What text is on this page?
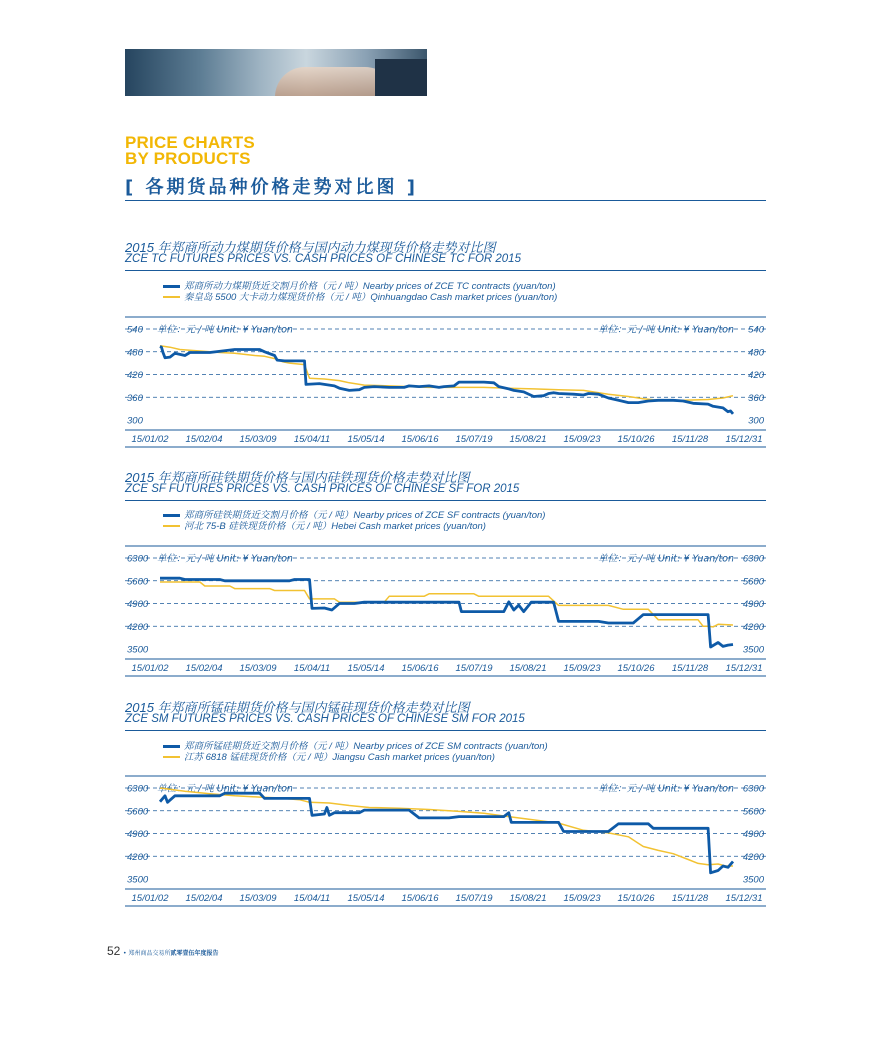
PRICE CHARTS
BY PRODUCTS
[ 各期货品种价格走势对比图 ]
2015 年郑商所动力煤期货价格与国内动力煤现货价格走势对比图
ZCE TC FUTURES PRICES VS. CASH PRICES OF CHINESE TC FOR 2015
郑商所动力煤期货近交割月价格（元 / 吨）Nearby prices of ZCE TC contracts (yuan/ton)
秦皇岛 5500 大卡动力煤现货价格（元 / 吨）Qinhuangdao Cash market prices (yuan/ton)
540	540
480	480
420	420
360	360
300	300
单位：元 / 吨 Unit: ¥ Yuan/ton	单位：元 / 吨 Unit: ¥ Yuan/ton
15/01/02 15/02/04 15/03/09 15/04/11 15/05/14 15/06/16 15/07/19 15/08/21 15/09/23 15/10/26 15/11/28 15/12/31
2015 年郑商所硅铁期货价格与国内硅铁现货价格走势对比图
ZCE SF FUTURES PRICES VS. CASH PRICES OF CHINESE SF FOR 2015
郑商所硅铁期货近交割月价格（元 / 吨）Nearby prices of ZCE SF contracts (yuan/ton)
河北 75-B 硅铁现货价格（元 / 吨）Hebei Cash market prices (yuan/ton)
6300	6300
5600	5600
4900	4900
4200	4200
3500	3500
单位：元 / 吨 Unit: ¥ Yuan/ton	单位：元 / 吨 Unit: ¥ Yuan/ton
15/01/02 15/02/04 15/03/09 15/04/11 15/05/14 15/06/16 15/07/19 15/08/21 15/09/23 15/10/26 15/11/28 15/12/31
2015 年郑商所锰硅期货价格与国内锰硅现货价格走势对比图
ZCE SM FUTURES PRICES VS. CASH PRICES OF CHINESE SM FOR 2015
郑商所锰硅期货近交割月价格（元 / 吨）Nearby prices of ZCE SM contracts (yuan/ton)
江苏 6818 锰硅现货价格（元 / 吨）Jiangsu Cash market prices (yuan/ton)
6300	6300
5600	5600
4900	4900
4200	4200
3500	3500
单位：元 / 吨 Unit: ¥ Yuan/ton	单位：元 / 吨 Unit: ¥ Yuan/ton
15/01/02 15/02/04 15/03/09 15/04/11 15/05/14 15/06/16 15/07/19 15/08/21 15/09/23 15/10/26 15/11/28 15/12/31
52 • 郑州商品交易所贰零壹伍年度报告
